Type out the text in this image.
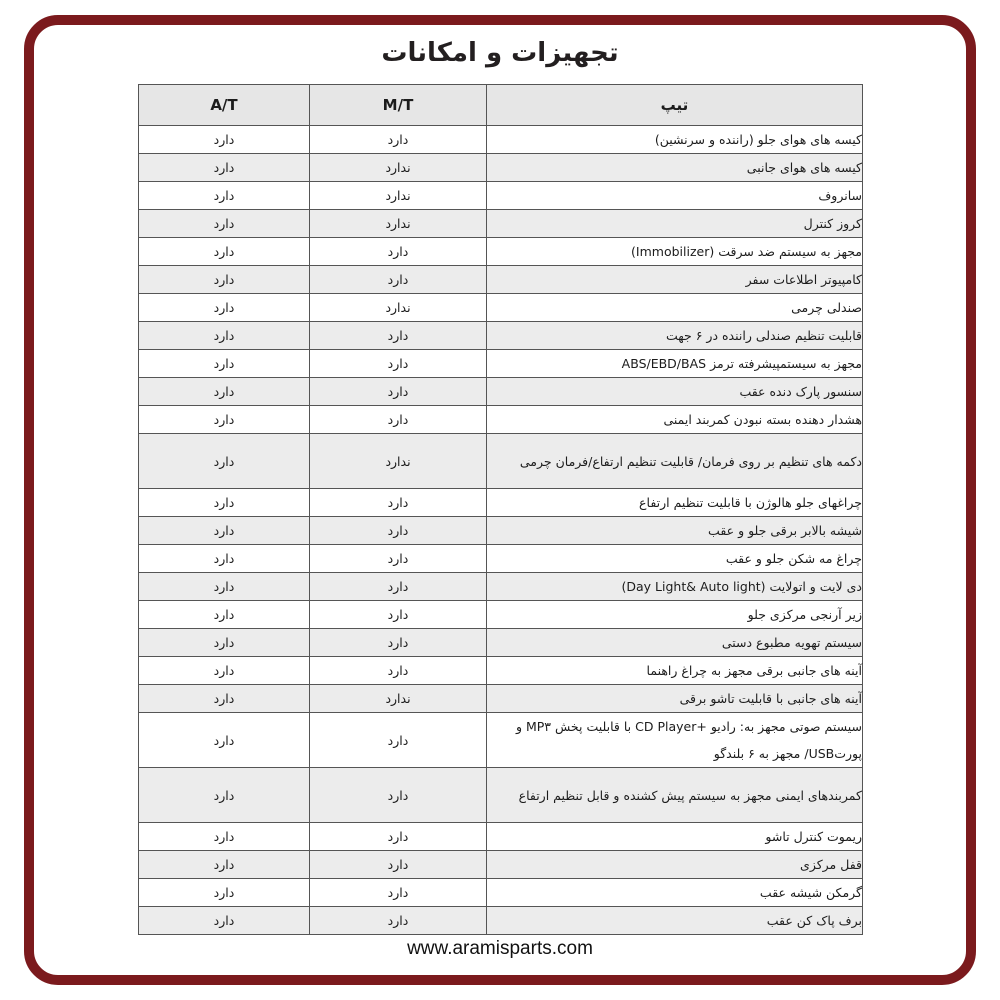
تجهیزات و امکانات
A/T	M/T	تیپ
دارد	دارد	کیسه های هوای جلو (راننده و سرنشین)
دارد	ندارد	کیسه های هوای جانبی
دارد	ندارد	سانروف
دارد	ندارد	کروز کنترل
دارد	دارد	مجهز به سیستم ضد سرقت (Immobilizer)
دارد	دارد	کامپیوتر اطلاعات سفر
دارد	ندارد	صندلی چرمی
دارد	دارد	قابلیت تنظیم صندلی راننده در ۶ جهت
دارد	دارد	مجهز به سیستمپیشرفته ترمز ABS/EBD/BAS
دارد	دارد	سنسور پارک دنده عقب
دارد	دارد	هشدار دهنده بسته نبودن کمربند ایمنی
دارد	ندارد	دکمه های تنظیم بر روی فرمان/ قابلیت تنظیم ارتفاع/فرمان چرمی
دارد	دارد	چراغهای جلو هالوژن با قابلیت تنظیم ارتفاع
دارد	دارد	شیشه بالابر برقی جلو و عقب
دارد	دارد	چراغ مه شکن جلو و عقب
دارد	دارد	دی لایت و اتولایت (Day Light& Auto light)
دارد	دارد	زیر آرنجی مرکزی جلو
دارد	دارد	سیستم تهویه مطبوع دستی
دارد	دارد	آینه های جانبی برقی مجهز به چراغ راهنما
دارد	ندارد	آینه های جانبی با قابلیت تاشو برقی
دارد	دارد	سیستم صوتی مجهز به: رادیو +CD Player با قابلیت پخش MP۳ و پورتUSB/ مجهز به ۶ بلندگو
دارد	دارد	کمربندهای ایمنی مجهز به سیستم پیش کشنده و قابل تنظیم ارتفاع
دارد	دارد	ریموت کنترل تاشو
دارد	دارد	قفل مرکزی
دارد	دارد	گرمکن شیشه عقب
دارد	دارد	برف پاک کن عقب
www.aramisparts.com
